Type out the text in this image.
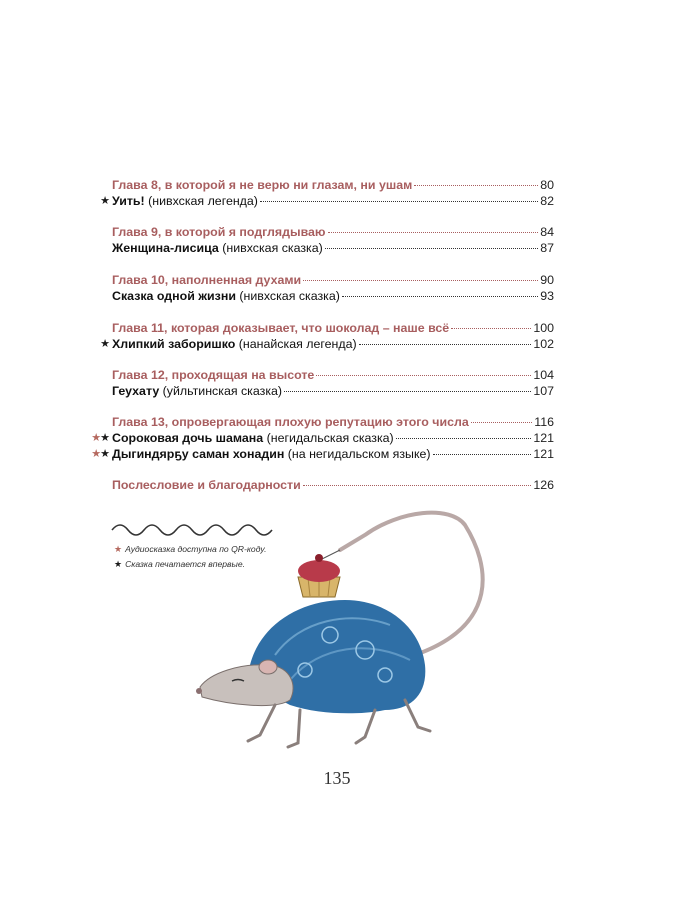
Глава 8, в которой я не верю ни глазам, ни ушам	80
★ Уить! (нивхская легенда)	82
Глава 9, в которой я подглядываю	84
Женщина-лисица (нивхская сказка)	87
Глава 10, наполненная духами	90
Сказка одной жизни (нивхская сказка)	93
Глава 11, которая доказывает, что шоколад – наше всё	100
★ Хлипкий заборишко (нанайская легенда)	102
Глава 12, проходящая на высоте	104
Геухату (уйльтинская сказка)	107
Глава 13, опровергающая плохую репутацию этого числа	116
★★ Сороковая дочь шамана (негидальская сказка)	121
★★ Дыгиндярҕу саман хонадин (на негидальском языке)	121
Послесловие и благодарности	126
★ Аудиосказка доступна по QR-коду.
★ Сказка печатается впервые.
135
